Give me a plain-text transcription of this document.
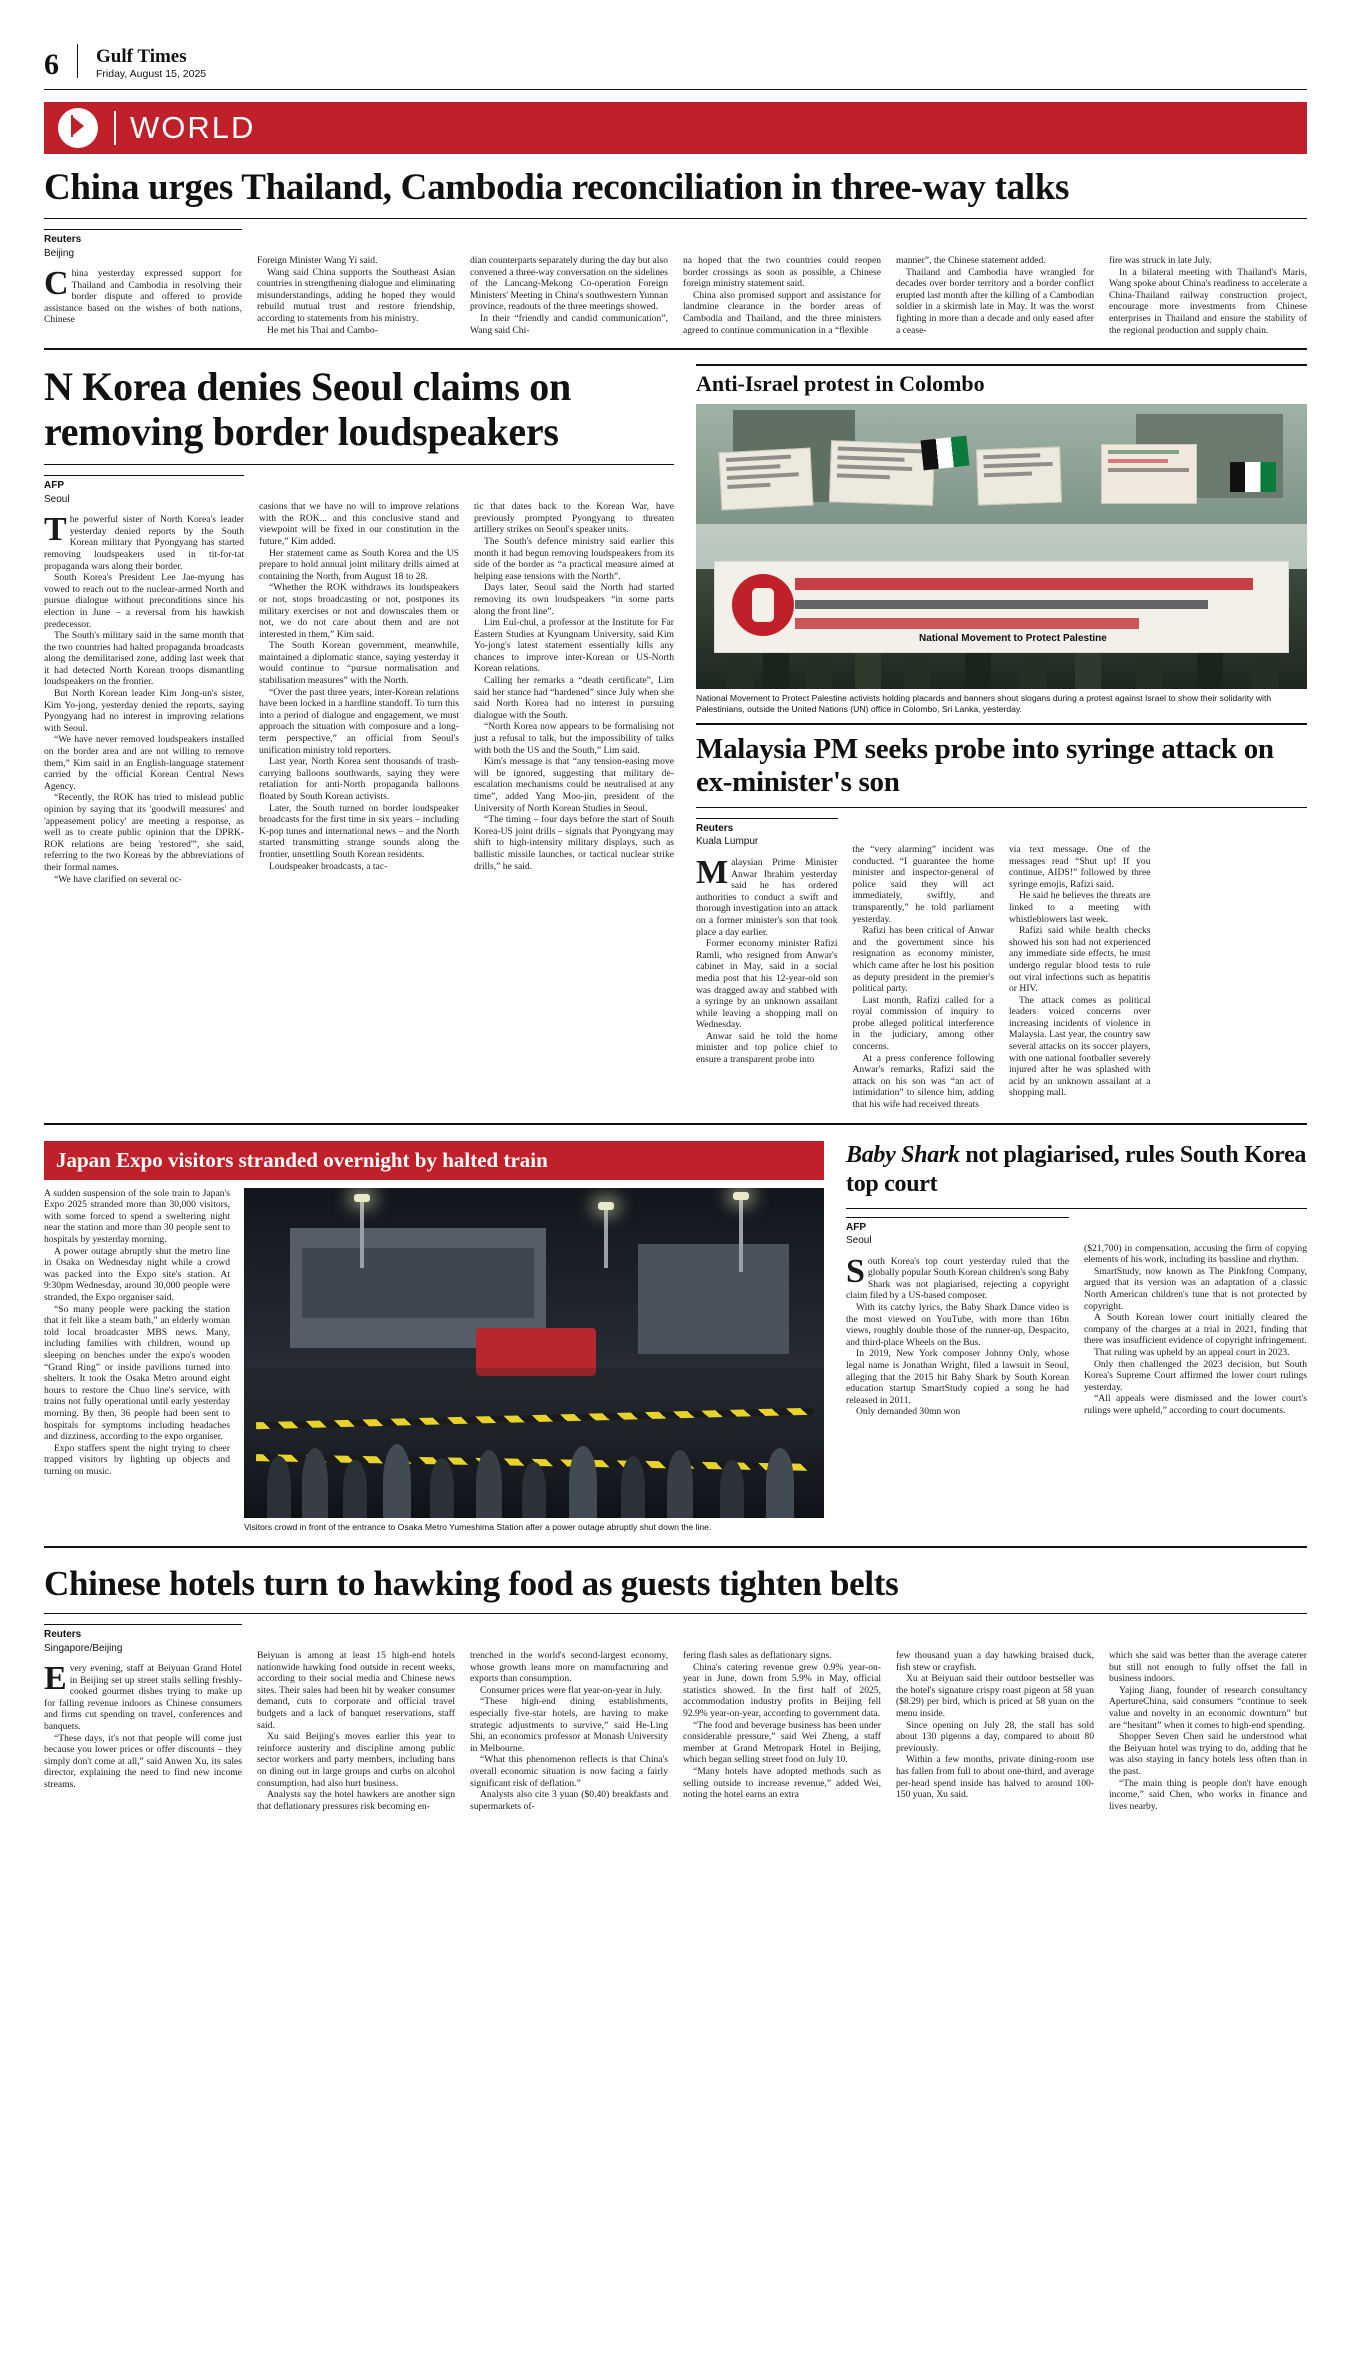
6 Gulf Times
Friday, August 15, 2025
WORLD
China urges Thailand, Cambodia reconciliation in three-way talks
Reuters
Beijing

China yesterday expressed support for Thailand and Cambodia in resolving their border dispute and offered to provide assistance based on the wishes of both nations, Chinese

Foreign Minister Wang Yi said.

Wang said China supports the Southeast Asian countries in strengthening dialogue and eliminating misunderstandings, adding he hoped they would rebuild mutual trust and restore friendship, according to statements from his ministry.

He met his Thai and Cambo-

dian counterparts separately during the day but also convened a three-way conversation on the sidelines of the Lancang-Mekong Co-operation Foreign Ministers' Meeting in China's southwestern Yunnan province, readouts of the three meetings showed.

In their “friendly and candid communication”, Wang said Chi-

na hoped that the two countries could reopen border crossings as soon as possible, a Chinese foreign ministry statement said.

China also promised support and assistance for landmine clearance in the border areas of Cambodia and Thailand, and the three ministers agreed to continue communication in a “flexible

manner”, the Chinese statement added.

Thailand and Cambodia have wrangled for decades over border territory and a border conflict erupted last month after the killing of a Cambodian soldier in a skirmish late in May. It was the worst fighting in more than a decade and only eased after a cease-

fire was struck in late July.

In a bilateral meeting with Thailand's Maris, Wang spoke about China's readiness to accelerate a China-Thailand railway construction project, encourage more investments from Chinese enterprises in Thailand and ensure the stability of the regional production and supply chain.

N Korea denies Seoul claims on removing border loudspeakers
AFP
Seoul

The powerful sister of North Korea's leader yesterday denied reports by the South Korean military that Pyongyang has started removing loudspeakers used in tit-for-tat propaganda wars along their border.

South Korea's President Lee Jae-myung has vowed to reach out to the nuclear-armed North and pursue dialogue without preconditions since his election in June – a reversal from his hawkish predecessor.

The South's military said in the same month that the two countries had halted propaganda broadcasts along the demilitarised zone, adding last week that it had detected North Korean troops dismantling loudspeakers on the frontier.

But North Korean leader Kim Jong-un's sister, Kim Yo-jong, yesterday denied the reports, saying Pyongyang had no interest in improving relations with Seoul.

“We have never removed loudspeakers installed on the border area and are not willing to remove them,” Kim said in an English-language statement carried by the official Korean Central News Agency.

“Recently, the ROK has tried to mislead public opinion by saying that its 'goodwill measures' and 'appeasement policy' are meeting a response, as well as to create public opinion that the DPRK-ROK relations are being 'restored'”, she said, referring to the two Koreas by the abbreviations of their formal names.

“We have clarified on several oc-

casions that we have no will to improve relations with the ROK... and this conclusive stand and viewpoint will be fixed in our constitution in the future,” Kim added.

Her statement came as South Korea and the US prepare to hold annual joint military drills aimed at containing the North, from August 18 to 28.

“Whether the ROK withdraws its loudspeakers or not, stops broadcasting or not, postpones its military exercises or not and downscales them or not, we do not care about them and are not interested in them,” Kim said.

The South Korean government, meanwhile, maintained a diplomatic stance, saying yesterday it would continue to “pursue normalisation and stabilisation measures” with the North.

“Over the past three years, inter-Korean relations have been locked in a hardline standoff. To turn this into a period of dialogue and engagement, we must approach the situation with composure and a long-term perspective,” an official from Seoul's unification ministry told reporters.

Last year, North Korea sent thousands of trash-carrying balloons southwards, saying they were retaliation for anti-North propaganda balloons floated by South Korean activists.

Later, the South turned on border loudspeaker broadcasts for the first time in six years – including K-pop tunes and international news – and the North started transmitting strange sounds along the frontier, unsettling South Korean residents.

Loudspeaker broadcasts, a tac-

tic that dates back to the Korean War, have previously prompted Pyongyang to threaten artillery strikes on Seoul's speaker units.

The South's defence ministry said earlier this month it had begun removing loudspeakers from its side of the border as “a practical measure aimed at helping ease tensions with the North”.

Days later, Seoul said the North had started removing its own loudspeakers “in some parts along the front line”.

Lim Eul-chul, a professor at the Institute for Far Eastern Studies at Kyungnam University, said Kim Yo-jong's latest statement essentially kills any chances to improve inter-Korean or US-North Korean relations.

Calling her remarks a “death certificate”, Lim said her stance had “hardened” since July when she said North Korea had no interest in pursuing dialogue with the South.

“North Korea now appears to be formalising not just a refusal to talk, but the impossibility of talks with both the US and the South,” Lim said.

Kim's message is that “any tension-easing move will be ignored, suggesting that military de-escalation mechanisms could be neutralised at any time”, added Yang Moo-jin, president of the University of North Korean Studies in Seoul.

“The timing – four days before the start of South Korea-US joint drills – signals that Pyongyang may shift to high-intensity military displays, such as ballistic missile launches, or tactical nuclear strike drills,” he said.

Anti-Israel protest in Colombo
National Movement to Protect Palestine
National Movement to Protect Palestine activists holding placards and banners shout slogans during a protest against Israel to show their solidarity with Palestinians, outside the United Nations (UN) office in Colombo, Sri Lanka, yesterday.
Malaysia PM seeks probe into syringe attack on ex-minister's son
Reuters
Kuala Lumpur

Malaysian Prime Minister Anwar Ibrahim yesterday said he has ordered authorities to conduct a swift and thorough investigation into an attack on a former minister's son that took place a day earlier.

Former economy minister Rafizi Ramli, who resigned from Anwar's cabinet in May, said in a social media post that his 12-year-old son was dragged away and stabbed with a syringe by an unknown assailant while leaving a shopping mall on Wednesday.

Anwar said he told the home minister and top police chief to ensure a transparent probe into

the “very alarming” incident was conducted. “I guarantee the home minister and inspector-general of police said they will act immediately, swiftly, and transparently,” he told parliament yesterday.

Rafizi has been critical of Anwar and the government since his resignation as economy minister, which came after he lost his position as deputy president in the premier's political party.

Last month, Rafizi called for a royal commission of inquiry to probe alleged political interference in the judiciary, among other concerns.

At a press conference following Anwar's remarks, Rafizi said the attack on his son was “an act of intimidation” to silence him, adding that his wife had received threats

via text message. One of the messages read “Shut up! If you continue, AIDS!” followed by three syringe emojis, Rafizi said.

He said he believes the threats are linked to a meeting with whistleblowers last week.

Rafizi said while health checks showed his son had not experienced any immediate side effects, he must undergo regular blood tests to rule out viral infections such as hepatitis or HIV.

The attack comes as political leaders voiced concerns over increasing incidents of violence in Malaysia. Last year, the country saw several attacks on its soccer players, with one national footballer severely injured after he was splashed with acid by an unknown assailant at a shopping mall.

Japan Expo visitors stranded overnight by halted train

A sudden suspension of the sole train to Japan's Expo 2025 stranded more than 30,000 visitors, with some forced to spend a sweltering night near the station and more than 30 people sent to hospitals by yesterday morning.

A power outage abruptly shut the metro line in Osaka on Wednesday night while a crowd was packed into the Expo site's station. At 9:30pm Wednesday, around 30,000 people were stranded, the Expo organiser said.

“So many people were packing the station that it felt like a steam bath,” an elderly woman told local broadcaster MBS news. Many, including families with children, wound up sleeping on benches under the expo's wooden “Grand Ring” or inside pavilions turned into shelters. It took the Osaka Metro around eight hours to restore the Chuo line's service, with trains not fully operational until early yesterday morning. By then, 36 people had been sent to hospitals for symptoms including headaches and dizziness, according to the expo organiser.

Expo staffers spent the night trying to cheer trapped visitors by lighting up objects and turning on music.

Visitors crowd in front of the entrance to Osaka Metro Yumeshima Station after a power outage abruptly shut down the line.
Baby Shark not plagiarised, rules South Korea top court
AFP
Seoul

South Korea's top court yesterday ruled that the globally popular South Korean children's song Baby Shark was not plagiarised, rejecting a copyright claim filed by a US-based composer.

With its catchy lyrics, the Baby Shark Dance video is the most viewed on YouTube, with more than 16bn views, roughly double those of the runner-up, Despacito, and third-place Wheels on the Bus.

In 2019, New York composer Johnny Only, whose legal name is Jonathan Wright, filed a lawsuit in Seoul, alleging that the 2015 hit Baby Shark by South Korean education startup SmartStudy copied a song he had released in 2011.

Only demanded 30mn won

($21,700) in compensation, accusing the firm of copying elements of his work, including its bassline and rhythm.

SmartStudy, now known as The Pinkfong Company, argued that its version was an adaptation of a classic North American children's tune that is not protected by copyright.

A South Korean lower court initially cleared the company of the charges at a trial in 2021, finding that there was insufficient evidence of copyright infringement.

That ruling was upheld by an appeal court in 2023.

Only then challenged the 2023 decision, but South Korea's Supreme Court affirmed the lower court rulings yesterday.

“All appeals were dismissed and the lower court's rulings were upheld,” according to court documents.

Chinese hotels turn to hawking food as guests tighten belts
Reuters
Singapore/Beijing

Every evening, staff at Beiyuan Grand Hotel in Beijing set up street stalls selling freshly-cooked gourmet dishes trying to make up for falling revenue indoors as Chinese consumers and firms cut spending on travel, conferences and banquets.

“These days, it's not that people will come just because you lower prices or offer discounts – they simply don't come at all,” said Anwen Xu, its sales director, explaining the need to find new income streams.

Beiyuan is among at least 15 high-end hotels nationwide hawking food outside in recent weeks, according to their social media and Chinese news sites. Their sales had been hit by weaker consumer demand, cuts to corporate and official travel budgets and a lack of banquet reservations, staff said.

Xu said Beijing's moves earlier this year to reinforce austerity and discipline among public sector workers and party members, including bans on dining out in large groups and curbs on alcohol consumption, had also hurt business.

Analysts say the hotel hawkers are another sign that deflationary pressures risk becoming en-

trenched in the world's second-largest economy, whose growth leans more on manufacturing and exports than consumption.

Consumer prices were flat year-on-year in July.

“These high-end dining establishments, especially five-star hotels, are having to make strategic adjustments to survive,” said He-Ling Shi, an economics professor at Monash University in Melbourne.

“What this phenomenon reflects is that China's overall economic situation is now facing a fairly significant risk of deflation.”

Analysts also cite 3 yuan ($0.40) breakfasts and supermarkets of-

fering flash sales as deflationary signs.

China's catering revenue grew 0.9% year-on-year in June, down from 5.9% in May, official statistics showed. In the first half of 2025, accommodation industry profits in Beijing fell 92.9% year-on-year, according to government data.

“The food and beverage business has been under considerable pressure,” said Wei Zheng, a staff member at Grand Metropark Hotel in Beijing, which began selling street food on July 10.

“Many hotels have adopted methods such as selling outside to increase revenue,” added Wei, noting the hotel earns an extra

few thousand yuan a day hawking braised duck, fish stew or crayfish.

Xu at Beiyuan said their outdoor bestseller was the hotel's signature crispy roast pigeon at 58 yuan ($8.29) per bird, which is priced at 58 yuan on the menu inside.

Since opening on July 28, the stall has sold about 130 pigeons a day, compared to about 80 previously.

Within a few months, private dining-room use has fallen from full to about one-third, and average per-head spend inside has halved to around 100-150 yuan, Xu said.

which she said was better than the average caterer but still not enough to fully offset the fall in business indoors.

Yajing Jiang, founder of research consultancy ApertureChina, said consumers “continue to seek value and novelty in an economic downturn” but are “hesitant” when it comes to high-end spending.

Shopper Seven Chen said he understood what the Beiyuan hotel was trying to do, adding that he was also staying in fancy hotels less often than in the past.

“The main thing is people don't have enough income,” said Chen, who works in finance and lives nearby.
